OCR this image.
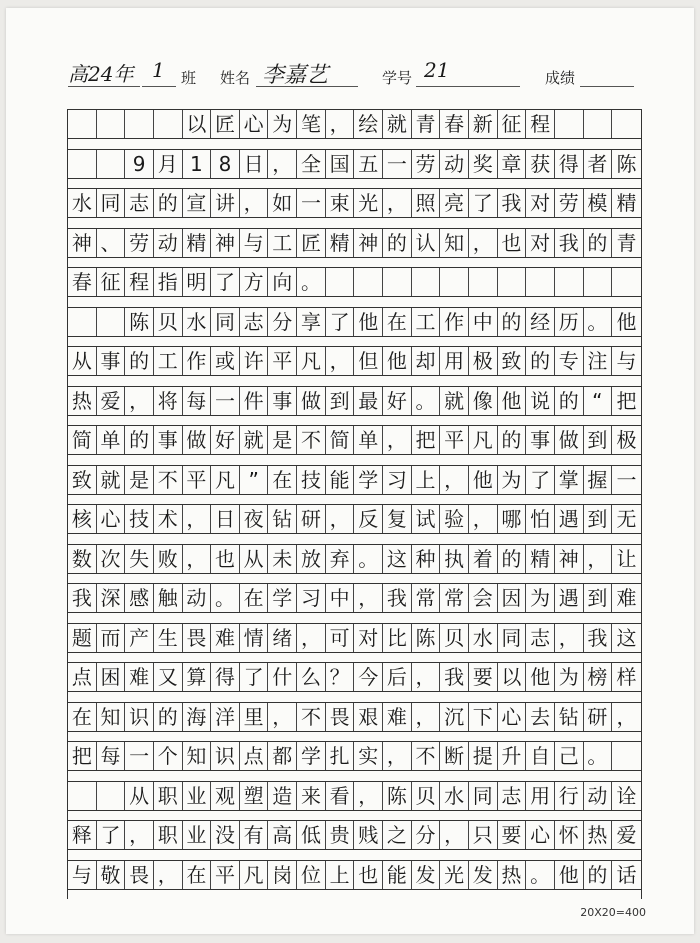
高24年 1 班 姓名 李嘉艺	学号 21	成绩
以 匠 心 为 笔 ， 绘 就 青 春 新 征 程
9 月 1 8 日 ， 全 国 五 一 劳 动 奖 章 获 得 者 陈
水 同 志 的 宣 讲 ， 如 一 束 光 ， 照 亮 了 我 对 劳 模 精
神 、 劳 动 精 神 与 工 匠 精 神 的 认 知 ， 也 对 我 的 青
春 征 程 指 明 了 方 向 。
陈 贝 水 同 志 分 享 了 他 在 工 作 中 的 经 历 。 他
从 事 的 工 作 或 许 平 凡 ， 但 他 却 用 极 致 的 专 注 与
热 爱 ， 将 每 一 件 事 做 到 最 好 。 就 像 他 说 的 “ 把
简 单 的 事 做 好 就 是 不 简 单 ， 把 平 凡 的 事 做 到 极
致 就 是 不 平 凡 ” 在 技 能 学 习 上 ， 他 为 了 掌 握 一
核 心 技 术 ， 日 夜 钻 研 ， 反 复 试 验 ， 哪 怕 遇 到 无
数 次 失 败 ， 也 从 未 放 弃 。 这 种 执 着 的 精 神 ， 让
我 深 感 触 动 。 在 学 习 中 ， 我 常 常 会 因 为 遇 到 难
题 而 产 生 畏 难 情 绪 ， 可 对 比 陈 贝 水 同 志 ， 我 这
点 困 难 又 算 得 了 什 么 ？ 今 后 ， 我 要 以 他 为 榜 样
在 知 识 的 海 洋 里 ， 不 畏 艰 难 ， 沉 下 心 去 钻 研 ，
把 每 一 个 知 识 点 都 学 扎 实 ， 不 断 提 升 自 己 。
从 职 业 观 塑 造 来 看 ， 陈 贝 水 同 志 用 行 动 诠
释 了 ， 职 业 没 有 高 低 贵 贱 之 分 ， 只 要 心 怀 热 爱
与 敬 畏 ， 在 平 凡 岗 位 上 也 能 发 光 发 热 。 他 的 话
20X20=400
